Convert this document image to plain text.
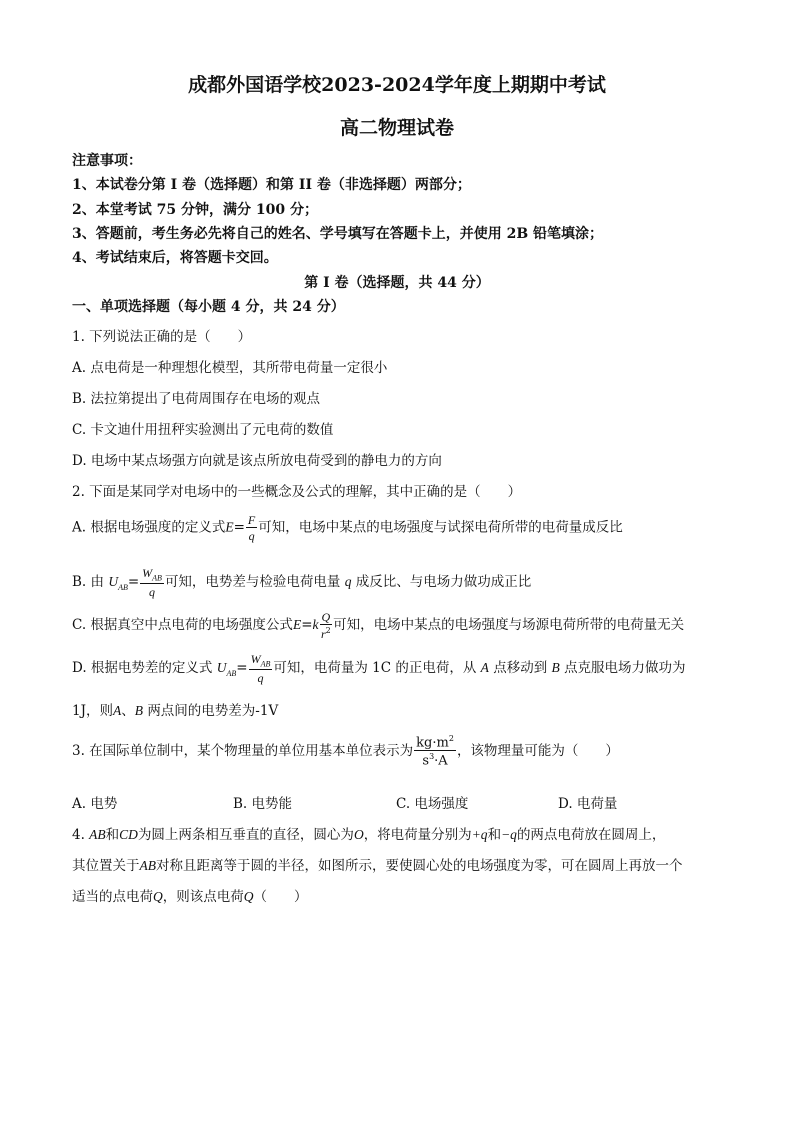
成都外国语学校2023-2024学年度上期期中考试
高二物理试卷
注意事项：
1、本试卷分第 I 卷（选择题）和第 II 卷（非选择题）两部分；
2、本堂考试 75 分钟，满分 100 分；
3、答题前，考生务必先将自己的姓名、学号填写在答题卡上，并使用 2B 铅笔填涂；
4、考试结束后，将答题卡交回。
第 I 卷（选择题，共 44 分）
一、单项选择题（每小题 4 分，共 24 分）
1. 下列说法正确的是（　　）
A. 点电荷是一种理想化模型，其所带电荷量一定很小
B. 法拉第提出了电荷周围存在电场的观点
C. 卡文迪什用扭秤实验测出了元电荷的数值
D. 电场中某点场强方向就是该点所放电荷受到的静电力的方向
2. 下面是某同学对电场中的一些概念及公式的理解，其中正确的是（　　）
A. 根据电场强度的定义式$E= \frac{F}{q}$ 可知，电场中某点的电场强度与试探电荷所带的电荷量成反比
B. 由 $U_{AB}= \frac{W_{AB}}{q}$ 可知，电势差与检验电荷电量 q 成反比、与电场力做功成正比
C. 根据真空中点电荷的电场强度公式$E=k \frac{Q}{r^2}$ 可知，电场中某点的电场强度与场源电荷所带的电荷量无关
D. 根据电势差的定义式 $U_{AB}= \frac{W_{AB}}{q}$ 可知，电荷量为 1C 的正电荷，从 A 点移动到 B 点克服电场力做功为
1J，则A、B 两点间的电势差为-1V
3. 在国际单位制中，某个物理量的单位用基本单位表示为 $\frac{kg\cdot m^2}{s^3\cdot A}$ ，该物理量可能为（　　）
A. 电势	B. 电势能	C. 电场强度	D. 电荷量
4. AB和CD为圆上两条相互垂直的直径，圆心为O，将电荷量分别为+q和−q的两点电荷放在圆周上，
其位置关于AB对称且距离等于圆的半径，如图所示，要使圆心处的电场强度为零，可在圆周上再放一个
适当的点电荷Q，则该点电荷Q（　　）
